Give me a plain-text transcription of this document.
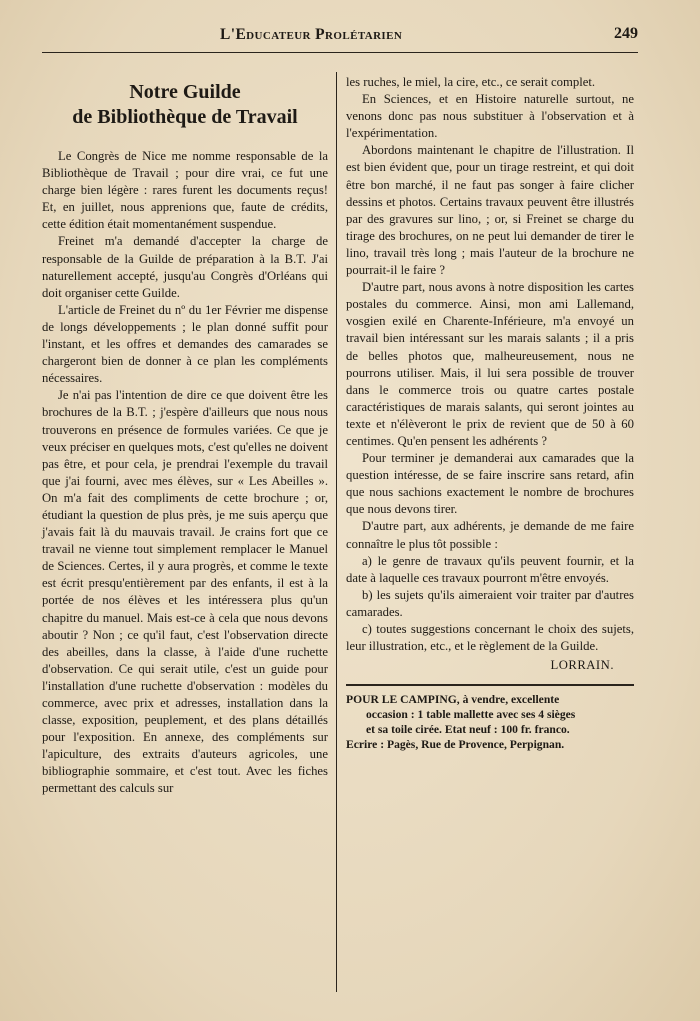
L'Educateur Prolétarien	249
Notre Guilde
de Bibliothèque de Travail

Le Congrès de Nice me nomme responsable de la Bibliothèque de Travail ; pour dire vrai, ce fut une charge bien légère : rares furent les documents reçus! Et, en juillet, nous apprenions que, faute de crédits, cette édition était momentanément suspendue.

Freinet m'a demandé d'accepter la charge de responsable de la Guilde de préparation à la B.T. J'ai naturellement accepté, jusqu'au Congrès d'Orléans qui doit organiser cette Guilde.

L'article de Freinet du nº du 1er Février me dispense de longs développements ; le plan donné suffit pour l'instant, et les offres et demandes des camarades se chargeront bien de donner à ce plan les compléments nécessaires.

Je n'ai pas l'intention de dire ce que doivent être les brochures de la B.T. ; j'espère d'ailleurs que nous nous trouverons en présence de formules variées. Ce que je veux préciser en quelques mots, c'est qu'elles ne doivent pas être, et pour cela, je prendrai l'exemple du travail que j'ai fourni, avec mes élèves, sur « Les Abeilles ». On m'a fait des compliments de cette brochure ; or, étudiant la question de plus près, je me suis aperçu que j'avais fait là du mauvais travail. Je crains fort que ce travail ne vienne tout simplement remplacer le Manuel de Sciences. Certes, il y aura progrès, et comme le texte est écrit presqu'entièrement par des enfants, il est à la portée de nos élèves et les intéressera plus qu'un chapitre du manuel. Mais est-ce à cela que nous devons aboutir ? Non ; ce qu'il faut, c'est l'observation directe des abeilles, dans la classe, à l'aide d'une ruchette d'observation. Ce qui serait utile, c'est un guide pour l'installation d'une ruchette d'observation : modèles du commerce, avec prix et adresses, installation dans la classe, exposition, peuplement, et des plans détaillés pour l'exposition. En annexe, des compléments sur l'apiculture, des extraits d'auteurs agricoles, une bibliographie sommaire, et c'est tout. Avec les fiches permettant des calculs sur

les ruches, le miel, la cire, etc., ce serait complet.

En Sciences, et en Histoire naturelle surtout, ne venons donc pas nous substituer à l'observation et à l'expérimentation.

Abordons maintenant le chapitre de l'illustration. Il est bien évident que, pour un tirage restreint, et qui doit être bon marché, il ne faut pas songer à faire clicher dessins et photos. Certains travaux peuvent être illustrés par des gravures sur lino, ; or, si Freinet se charge du tirage des brochures, on ne peut lui demander de tirer le lino, travail très long ; mais l'auteur de la brochure ne pourrait-il le faire ?

D'autre part, nous avons à notre disposition les cartes postales du commerce. Ainsi, mon ami Lallemand, vosgien exilé en Charente-Inférieure, m'a envoyé un travail bien intéressant sur les marais salants ; il a pris de belles photos que, malheureusement, nous ne pourrons utiliser. Mais, il lui sera possible de trouver dans le commerce trois ou quatre cartes postale caractéristiques de marais salants, qui seront jointes au texte et n'élèveront le prix de revient que de 50 à 60 centimes. Qu'en pensent les adhérents ?

Pour terminer je demanderai aux camarades que la question intéresse, de se faire inscrire sans retard, afin que nous sachions exactement le nombre de brochures que nous devons tirer.

D'autre part, aux adhérents, je demande de me faire connaître le plus tôt possible :

a) le genre de travaux qu'ils peuvent fournir, et la date à laquelle ces travaux pourront m'être envoyés.

b) les sujets qu'ils aimeraient voir traiter par d'autres camarades.

c) toutes suggestions concernant le choix des sujets, leur illustration, etc., et le règlement de la Guilde.

LORRAIN.
POUR LE CAMPING, à vendre, excellente
occasion : 1 table mallette avec ses 4 sièges
et sa toile cirée. Etat neuf : 100 fr. franco.
Ecrire : Pagès, Rue de Provence, Perpignan.
